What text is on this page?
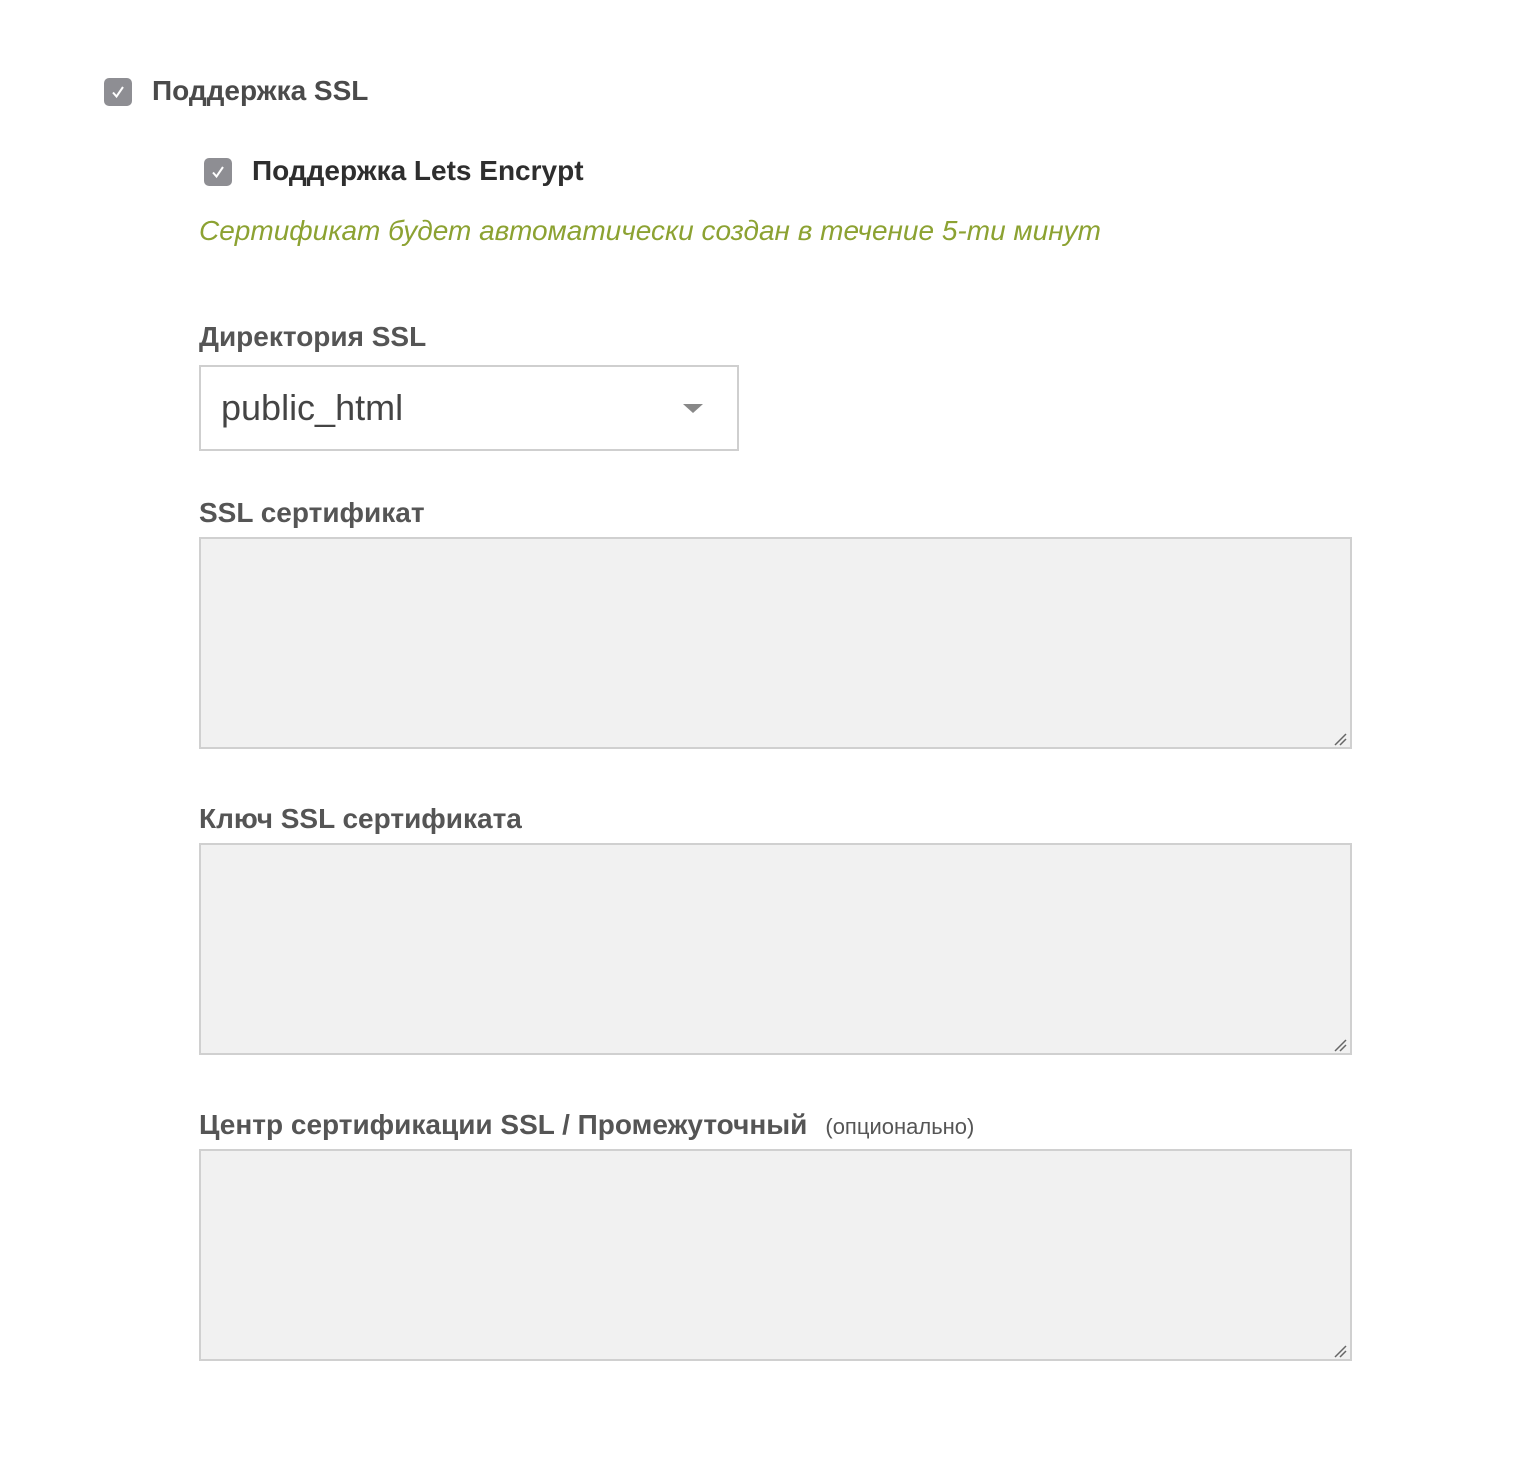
Поддержка SSL
Поддержка Lets Encrypt
Сертификат будет автоматически создан в течение 5-ти минут
Директория SSL
public_html
SSL сертификат
Ключ SSL сертификата
Центр сертификации SSL / Промежуточный (опционально)
